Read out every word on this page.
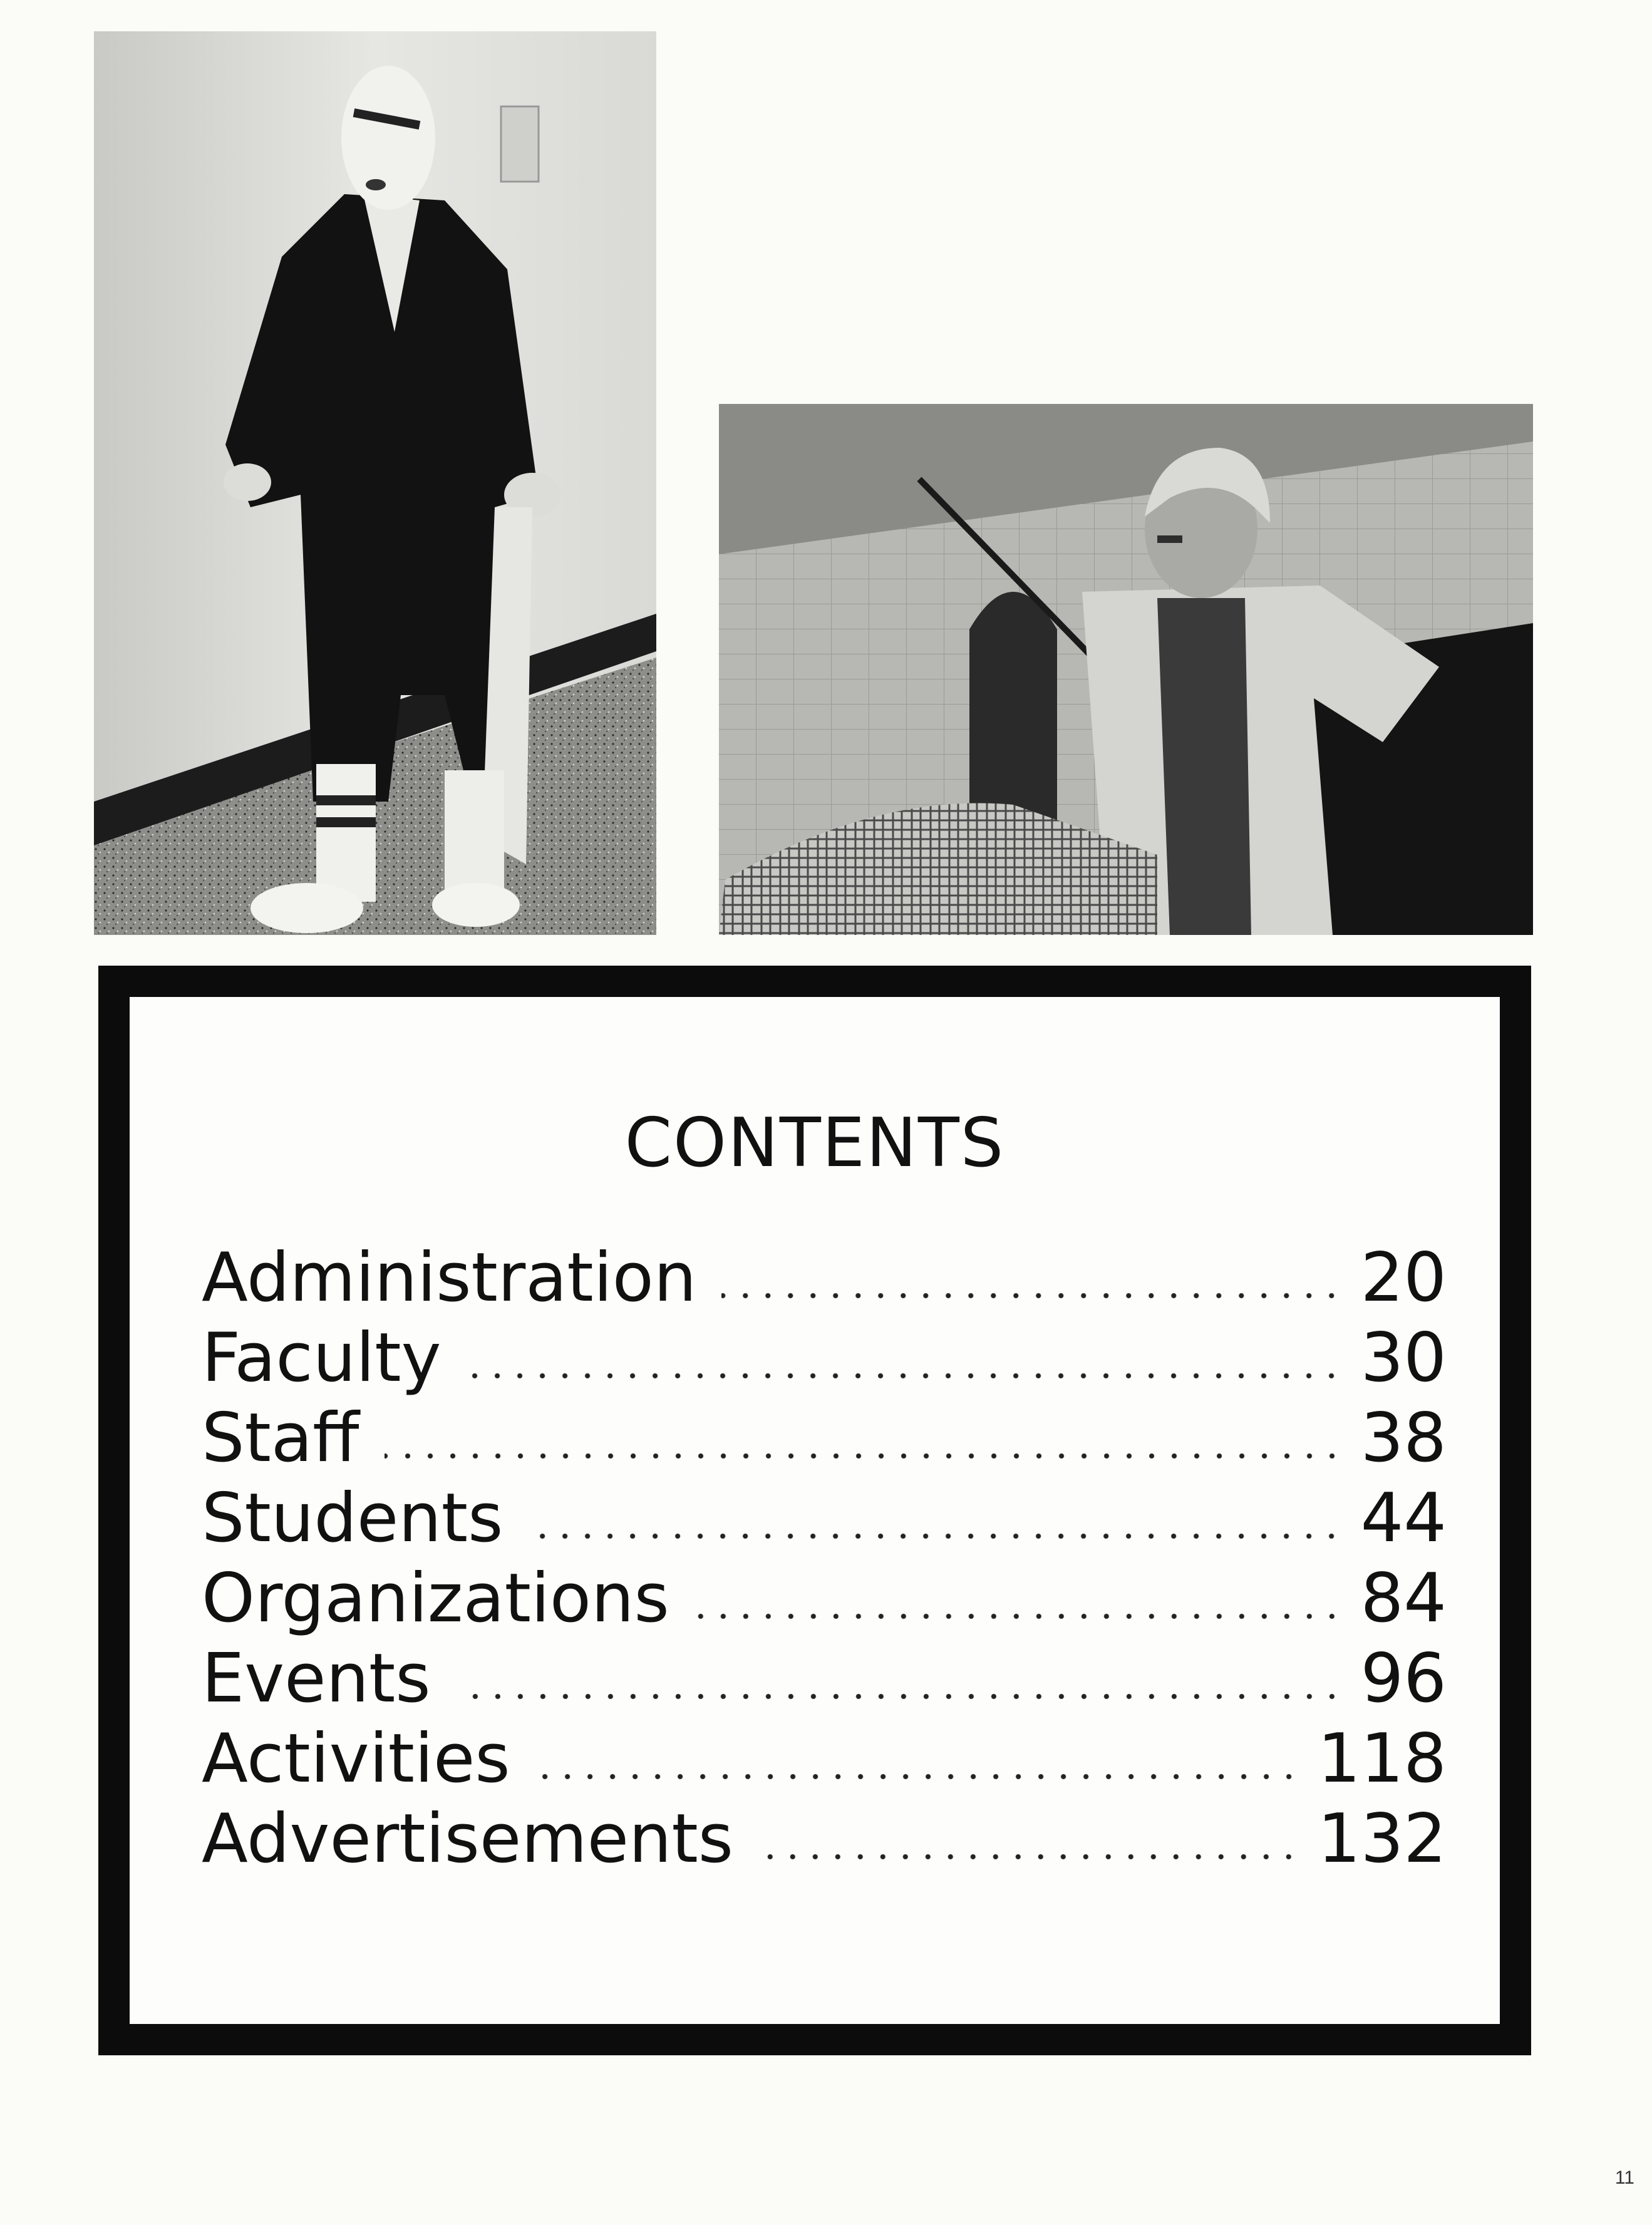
CONTENTS
Administration	20
Faculty	30
Staff	38
Students	44
Organizations	84
Events	96
Activities	118
Advertisements	132
11
